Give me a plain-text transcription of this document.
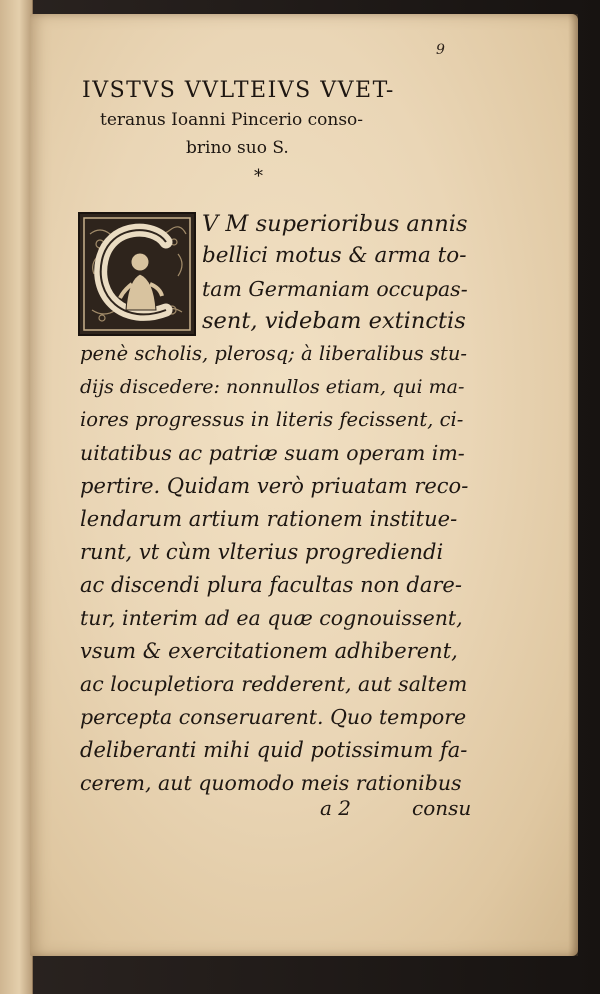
9
IVSTVS VVLTEIVS VVET-
teranus Ioanni Pincerio conso-
brino suo S.
*
V M superioribus annis
bellici motus & arma to-
tam Germaniam occupas-
sent, videbam extinctis
penè scholis, plerosq; à liberalibus stu-
dijs discedere: nonnullos etiam, qui ma-
iores progressus in literis fecissent, ci-
uitatibus ac patriæ suam operam im-
pertire. Quidam verò priuatam reco-
lendarum artium rationem institue-
runt, vt cùm vlterius progrediendi
ac discendi plura facultas non dare-
tur, interim ad ea quæ cognouissent,
vsum & exercitationem adhiberent,
ac locupletiora redderent, aut saltem
percepta conseruarent. Quo tempore
deliberanti mihi quid potissimum fa-
cerem, aut quomodo meis rationibus
a 2	consu
